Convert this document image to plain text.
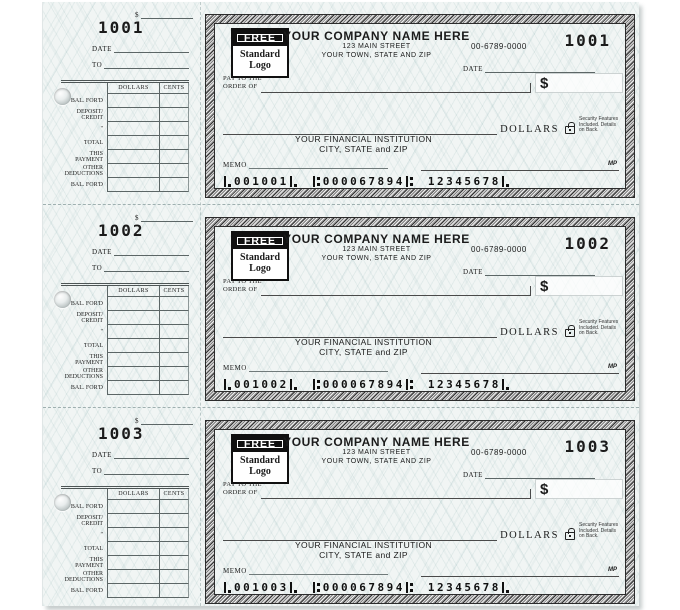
1001
$
DATE
TO
DOLLARS	CENTS
BAL. FOR'D
DEPOSIT/ CREDIT
"
TOTAL
THIS PAYMENT
OTHER DEDUCTIONS
BAL. FOR'D
FREE
Standard
Logo
YOUR COMPANY NAME HERE
123 MAIN STREET
YOUR TOWN, STATE AND ZIP
00-6789-0000 1001
DATE
PAY TO THE
ORDER OF	$
DOLLARS
Security Features Included. Details on Back.
YOUR FINANCIAL INSTITUTION
CITY, STATE and ZIP
MEMO	MP
001001	000067894 12345678
1002
$
DATE
TO
DOLLARS	CENTS
BAL. FOR'D
DEPOSIT/ CREDIT
"
TOTAL
THIS PAYMENT
OTHER DEDUCTIONS
BAL. FOR'D
FREE
Standard
Logo
YOUR COMPANY NAME HERE
123 MAIN STREET
YOUR TOWN, STATE AND ZIP
00-6789-0000 1002
DATE
PAY TO THE
ORDER OF	$
DOLLARS
Security Features Included. Details on Back.
YOUR FINANCIAL INSTITUTION
CITY, STATE and ZIP
MEMO	MP
001002	000067894 12345678
1003
$
DATE
TO
DOLLARS	CENTS
BAL. FOR'D
DEPOSIT/ CREDIT
"
TOTAL
THIS PAYMENT
OTHER DEDUCTIONS
BAL. FOR'D
FREE
Standard
Logo
YOUR COMPANY NAME HERE
123 MAIN STREET
YOUR TOWN, STATE AND ZIP
00-6789-0000 1003
DATE
PAY TO THE
ORDER OF	$
DOLLARS
Security Features Included. Details on Back.
YOUR FINANCIAL INSTITUTION
CITY, STATE and ZIP
MEMO	MP
001003	000067894 12345678
